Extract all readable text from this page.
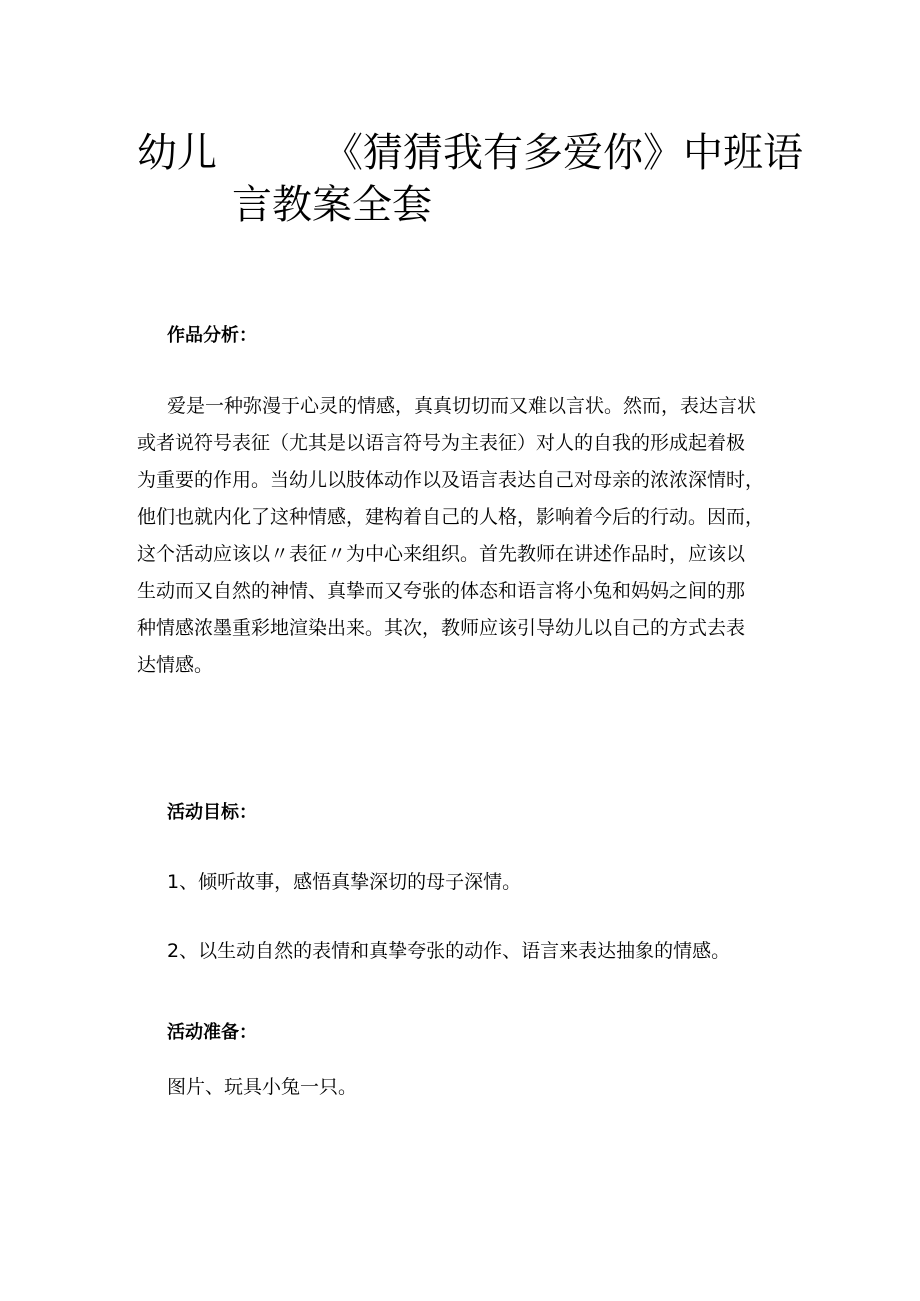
幼儿	《猜猜我有多爱你》中班语
言教案全套
作品分析：
爱是一种弥漫于心灵的情感，真真切切而又难以言状。然而，表达言状
或者说符号表征（尤其是以语言符号为主表征）对人的自我的形成起着极
为重要的作用。当幼儿以肢体动作以及语言表达自己对母亲的浓浓深情时，
他们也就内化了这种情感，建构着自己的人格，影响着今后的行动。因而，
这个活动应该以〃表征〃为中心来组织。首先教师在讲述作品时，应该以
生动而又自然的神情、真挚而又夸张的体态和语言将小兔和妈妈之间的那
种情感浓墨重彩地渲染出来。其次，教师应该引导幼儿以自己的方式去表
达情感。
活动目标：

1、倾听故事，感悟真挚深切的母子深情。

2、以生动自然的表情和真挚夸张的动作、语言来表达抽象的情感。

活动准备：

图片、玩具小兔一只。
